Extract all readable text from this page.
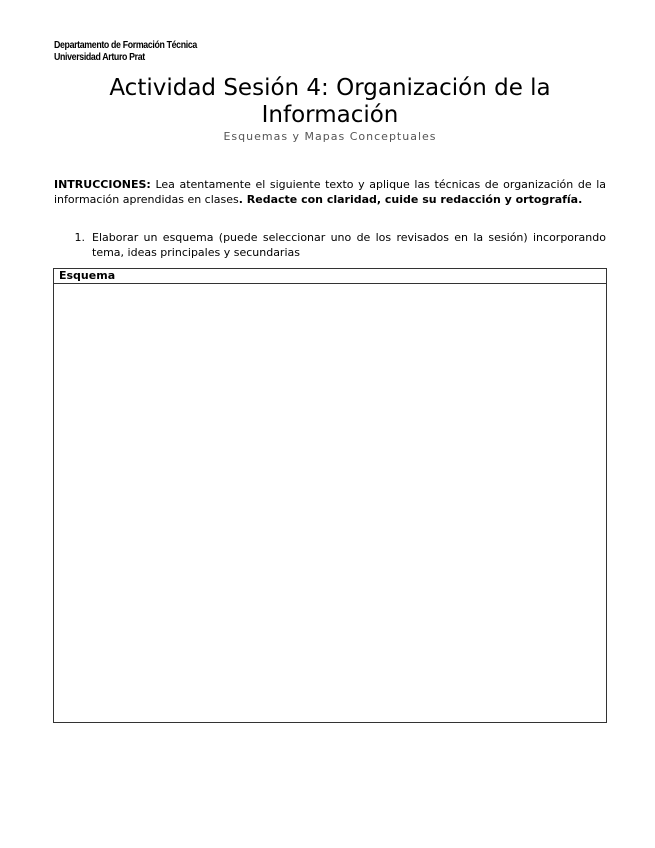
Departamento de Formación Técnica
Universidad Arturo Prat
Actividad Sesión 4: Organización de la
Información
Esquemas y Mapas Conceptuales
INTRUCCIONES: Lea atentamente el siguiente texto y aplique las técnicas de organización de la información aprendidas en clases. Redacte con claridad, cuide su redacción y ortografía.
1. Elaborar un esquema (puede seleccionar uno de los revisados en la sesión) incorporando tema, ideas principales y secundarias
Esquema
